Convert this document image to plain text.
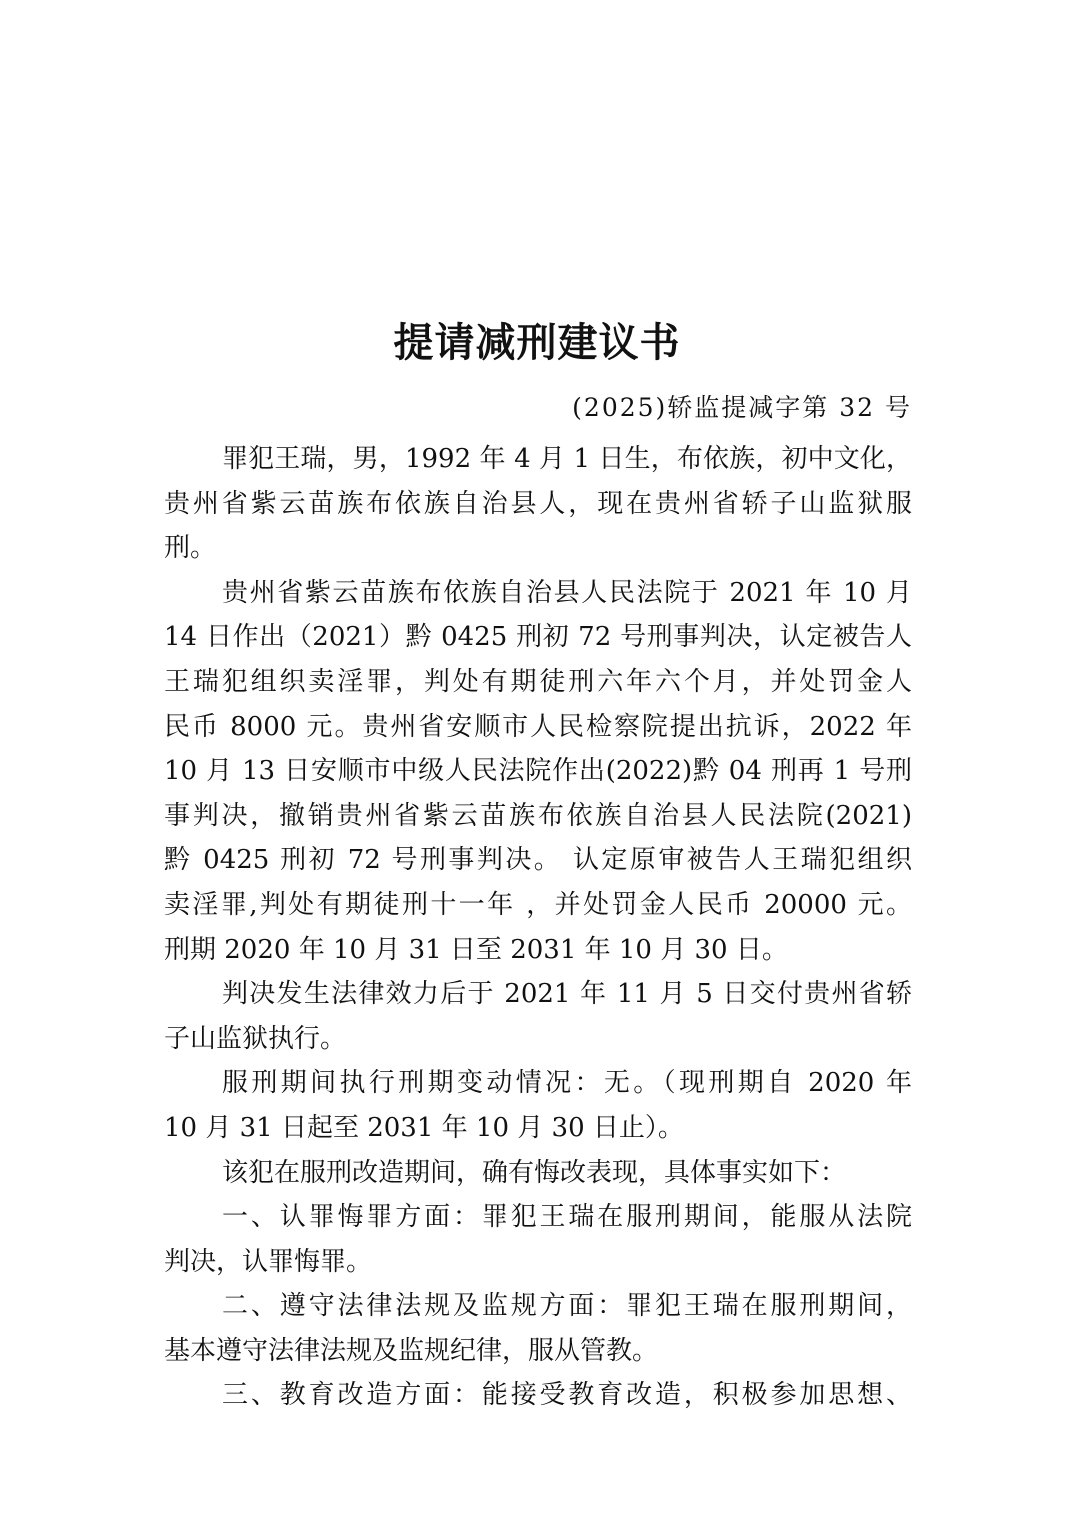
提请减刑建议书
(2025)轿监提减字第 32 号
罪犯王瑞，男，1992 年 4 月 1 日生，布依族，初中文化，
贵州省紫云苗族布依族自治县人，现在贵州省轿子山监狱服
刑。
贵州省紫云苗族布依族自治县人民法院于 2021 年 10 月
14 日作出（2021）黔 0425 刑初 72 号刑事判决，认定被告人
王瑞犯组织卖淫罪，判处有期徒刑六年六个月，并处罚金人
民币 8000 元。贵州省安顺市人民检察院提出抗诉，2022 年
10 月 13 日安顺市中级人民法院作出(2022)黔 04 刑再 1 号刑
事判决，撤销贵州省紫云苗族布依族自治县人民法院(2021)
黔 0425 刑初 72 号刑事判决。 认定原审被告人王瑞犯组织
卖淫罪,判处有期徒刑十一年 ，并处罚金人民币 20000 元。
刑期 2020 年 10 月 31 日至 2031 年 10 月 30 日。
判决发生法律效力后于 2021 年 11 月 5 日交付贵州省轿
子山监狱执行。
服刑期间执行刑期变动情况：无。（现刑期自 2020 年
10 月 31 日起至 2031 年 10 月 30 日止）。
该犯在服刑改造期间，确有悔改表现，具体事实如下：
一、认罪悔罪方面：罪犯王瑞在服刑期间，能服从法院
判决，认罪悔罪。
二、遵守法律法规及监规方面：罪犯王瑞在服刑期间，
基本遵守法律法规及监规纪律，服从管教。
三、教育改造方面：能接受教育改造，积极参加思想、
